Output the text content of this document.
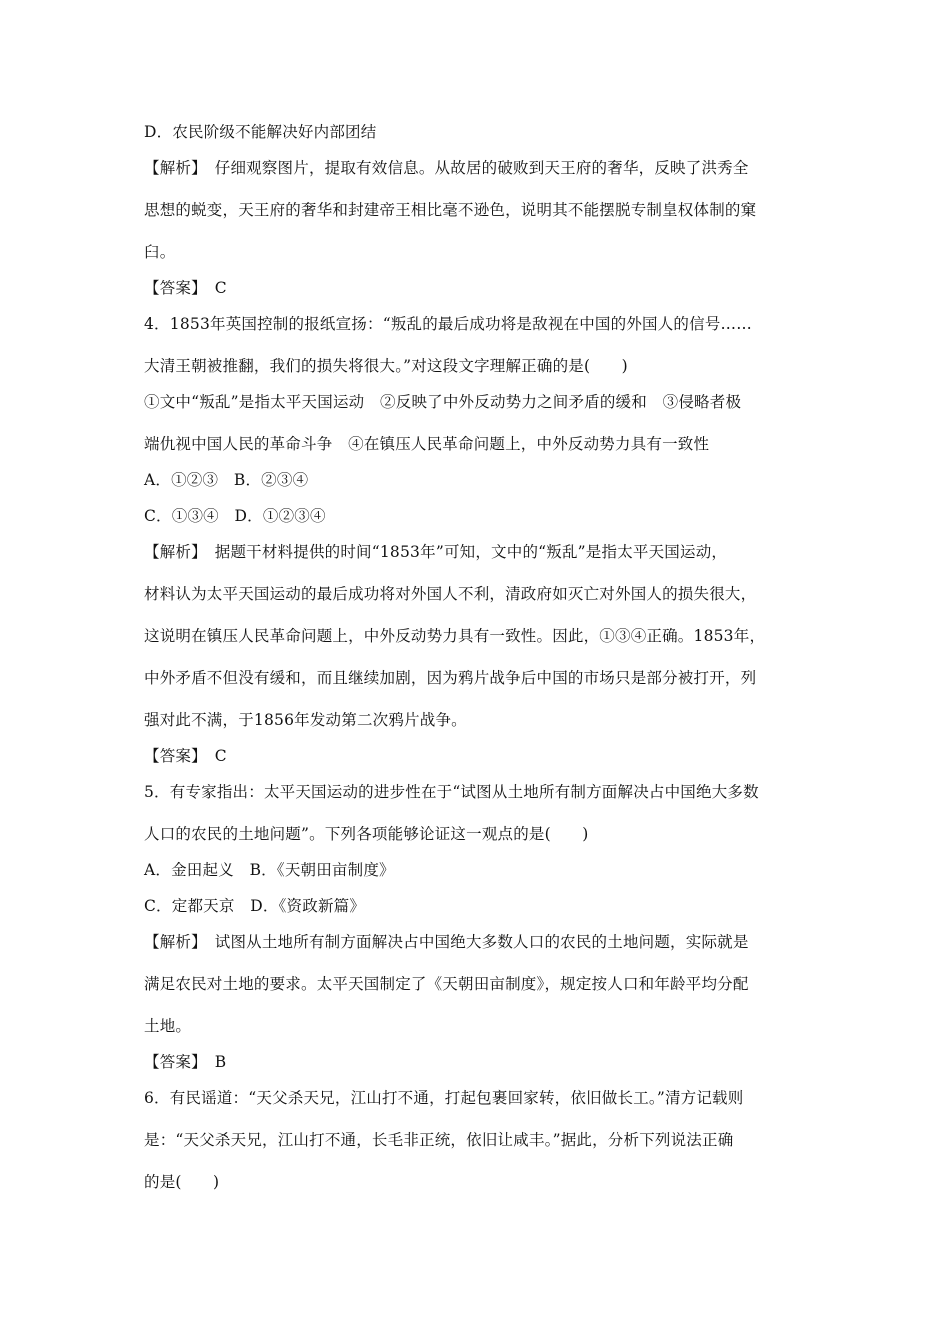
D．农民阶级不能解决好内部团结
【解析】　仔细观察图片，提取有效信息。从故居的破败到天王府的奢华，反映了洪秀全
思想的蜕变，天王府的奢华和封建帝王相比毫不逊色，说明其不能摆脱专制皇权体制的窠
臼。
【答案】　C
4．1853年英国控制的报纸宣扬：“叛乱的最后成功将是敌视在中国的外国人的信号……
大清王朝被推翻，我们的损失将很大。”对这段文字理解正确的是(　　)
①文中“叛乱”是指太平天国运动　②反映了中外反动势力之间矛盾的缓和　③侵略者极
端仇视中国人民的革命斗争　④在镇压人民革命问题上，中外反动势力具有一致性
A．①②③　B．②③④
C．①③④　D．①②③④
【解析】　据题干材料提供的时间“1853年”可知，文中的“叛乱”是指太平天国运动，
材料认为太平天国运动的最后成功将对外国人不利，清政府如灭亡对外国人的损失很大，
这说明在镇压人民革命问题上，中外反动势力具有一致性。因此，①③④正确。1853年，
中外矛盾不但没有缓和，而且继续加剧，因为鸦片战争后中国的市场只是部分被打开，列
强对此不满，于1856年发动第二次鸦片战争。
【答案】　C
5．有专家指出：太平天国运动的进步性在于“试图从土地所有制方面解决占中国绝大多数
人口的农民的土地问题”。下列各项能够论证这一观点的是(　　)
A．金田起义　B．《天朝田亩制度》
C．定都天京　D．《资政新篇》
【解析】　试图从土地所有制方面解决占中国绝大多数人口的农民的土地问题，实际就是
满足农民对土地的要求。太平天国制定了《天朝田亩制度》，规定按人口和年龄平均分配
土地。
【答案】　B
6．有民谣道：“天父杀天兄，江山打不通，打起包裹回家转，依旧做长工。”清方记载则
是：“天父杀天兄，江山打不通，长毛非正统，依旧让咸丰。”据此，分析下列说法正确
的是(　　)
